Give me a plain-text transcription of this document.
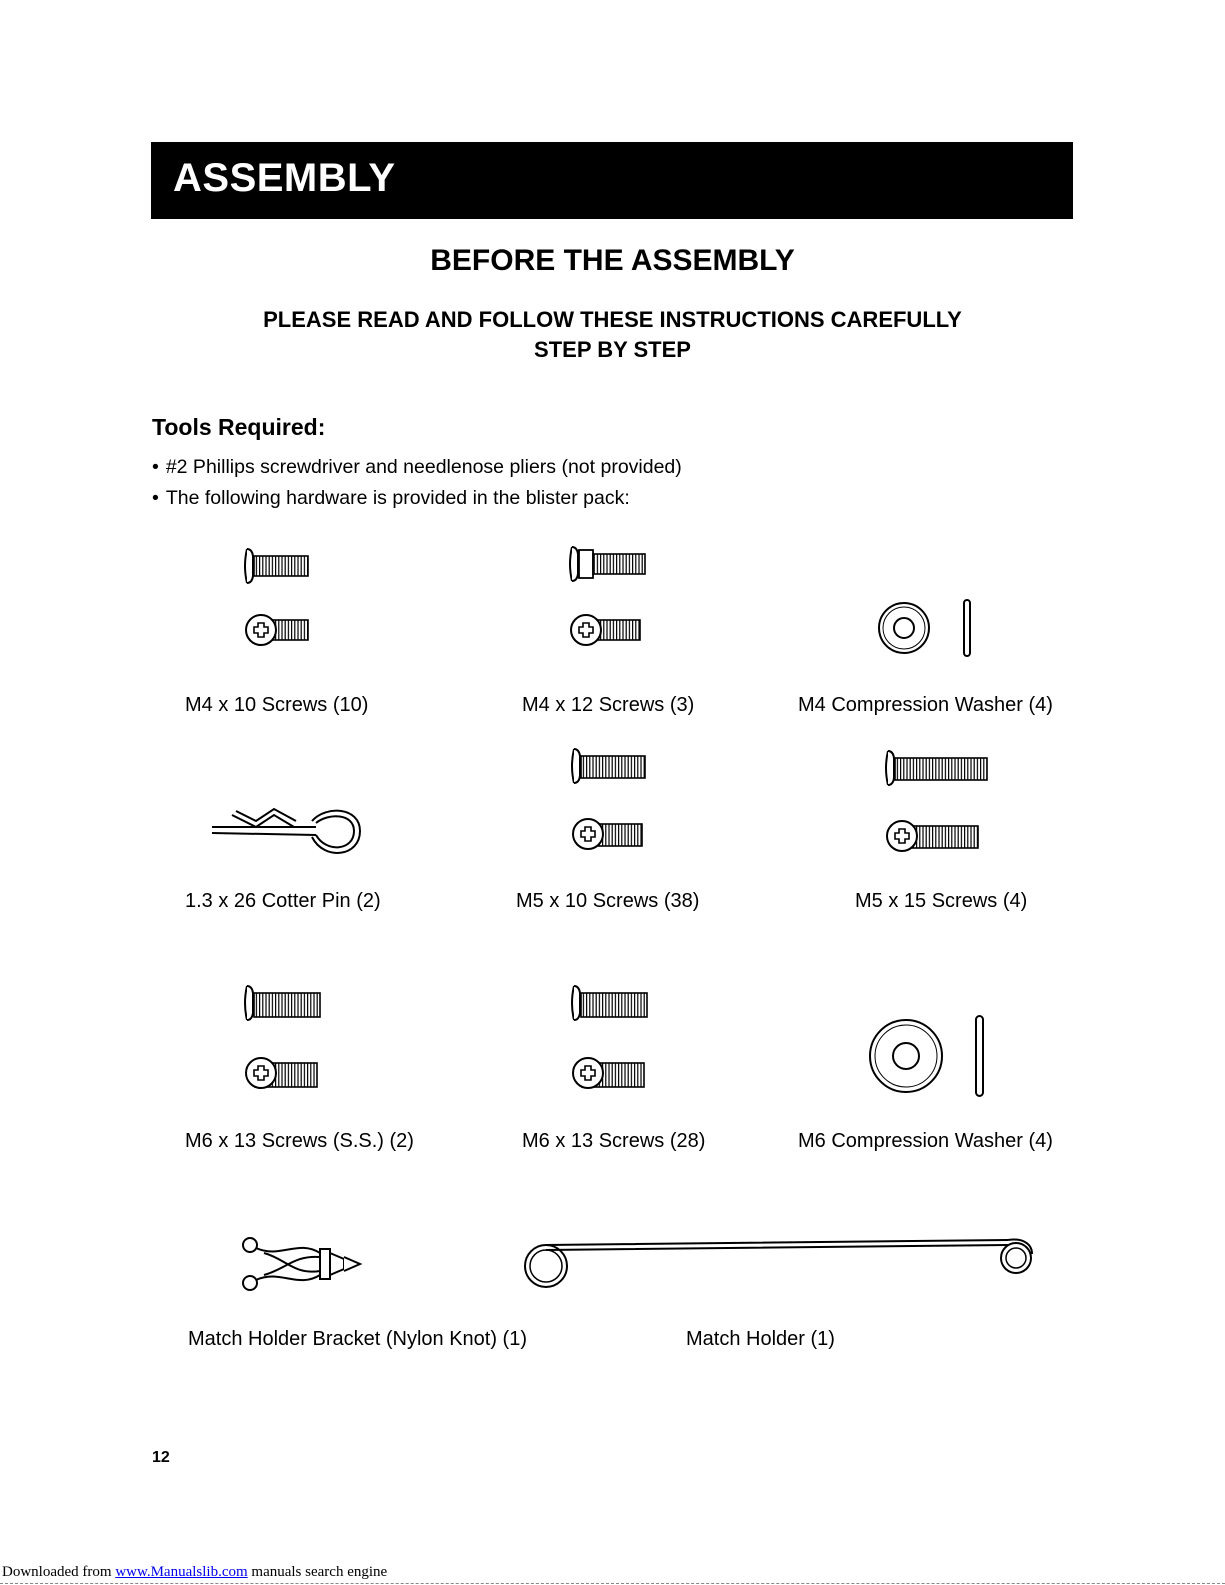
ASSEMBLY
BEFORE THE ASSEMBLY
PLEASE READ AND FOLLOW THESE INSTRUCTIONS CAREFULLY
STEP BY STEP
Tools Required:
• #2 Phillips screwdriver and needlenose pliers (not provided)
• The following hardware is provided in the blister pack:
M4 x 10 Screws (10)	M4 x 12 Screws (3)	M4 Compression Washer (4)
1.3 x 26 Cotter Pin (2)	M5 x 10 Screws (38)	M5 x 15 Screws (4)
M6 x 13 Screws (S.S.) (2)	M6 x 13 Screws (28)	M6 Compression Washer (4)
Match Holder Bracket (Nylon Knot) (1)	Match Holder (1)
12
Downloaded from www.Manualslib.com manuals search engine
